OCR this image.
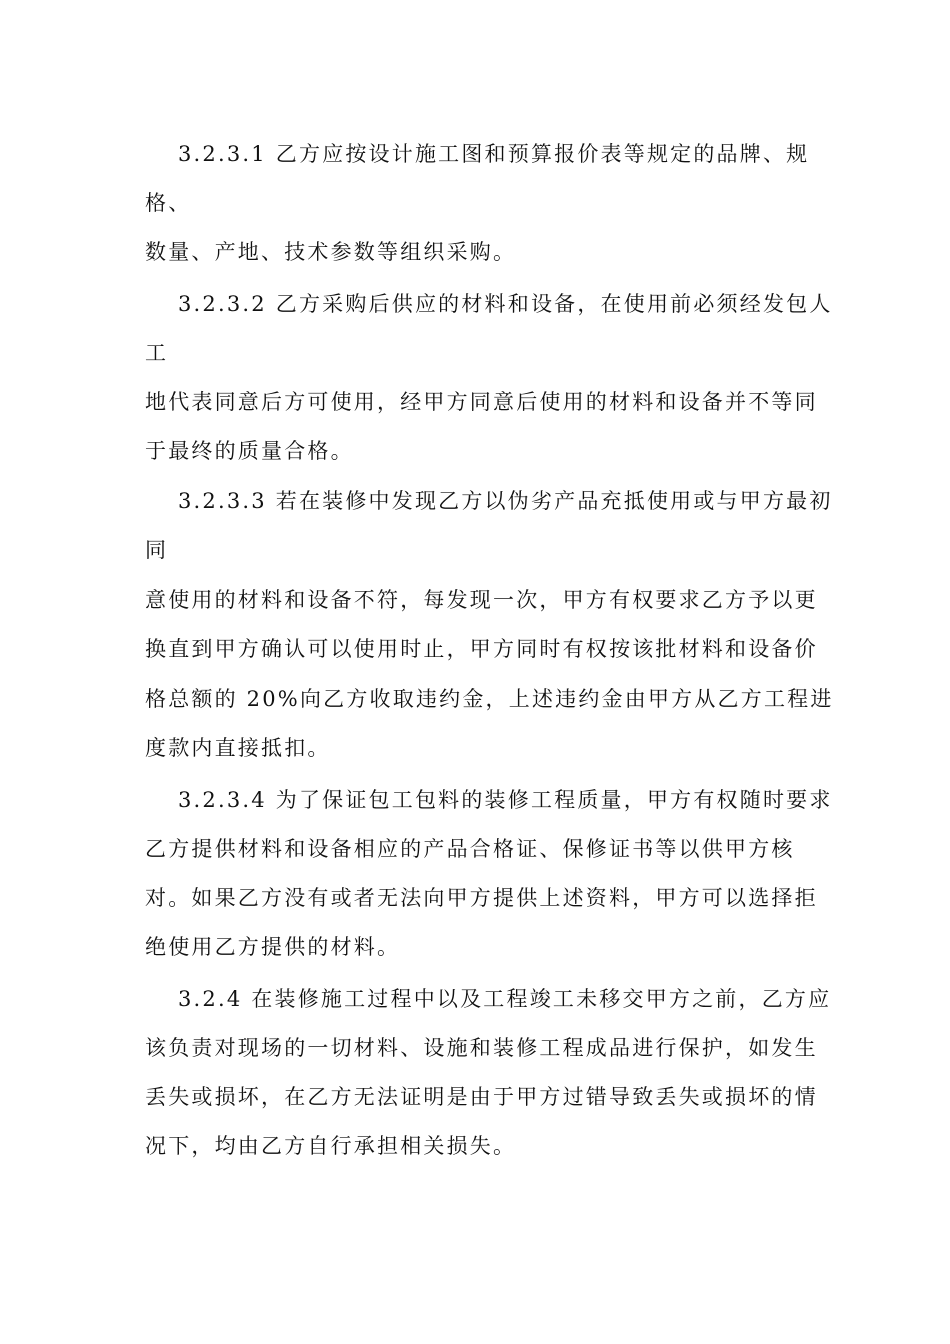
3.2.3.1 乙方应按设计施工图和预算报价表等规定的品牌、规
格、
数量、产地、技术参数等组织采购。
3.2.3.2 乙方采购后供应的材料和设备，在使用前必须经发包人
工
地代表同意后方可使用，经甲方同意后使用的材料和设备并不等同
于最终的质量合格。
3.2.3.3 若在装修中发现乙方以伪劣产品充抵使用或与甲方最初
同
意使用的材料和设备不符，每发现一次，甲方有权要求乙方予以更
换直到甲方确认可以使用时止，甲方同时有权按该批材料和设备价
格总额的 20%向乙方收取违约金，上述违约金由甲方从乙方工程进
度款内直接抵扣。
3.2.3.4 为了保证包工包料的装修工程质量，甲方有权随时要求
乙方提供材料和设备相应的产品合格证、保修证书等以供甲方核
对。如果乙方没有或者无法向甲方提供上述资料，甲方可以选择拒
绝使用乙方提供的材料。
3.2.4 在装修施工过程中以及工程竣工未移交甲方之前，乙方应
该负责对现场的一切材料、设施和装修工程成品进行保护，如发生
丢失或损坏，在乙方无法证明是由于甲方过错导致丢失或损坏的情
况下，均由乙方自行承担相关损失。
